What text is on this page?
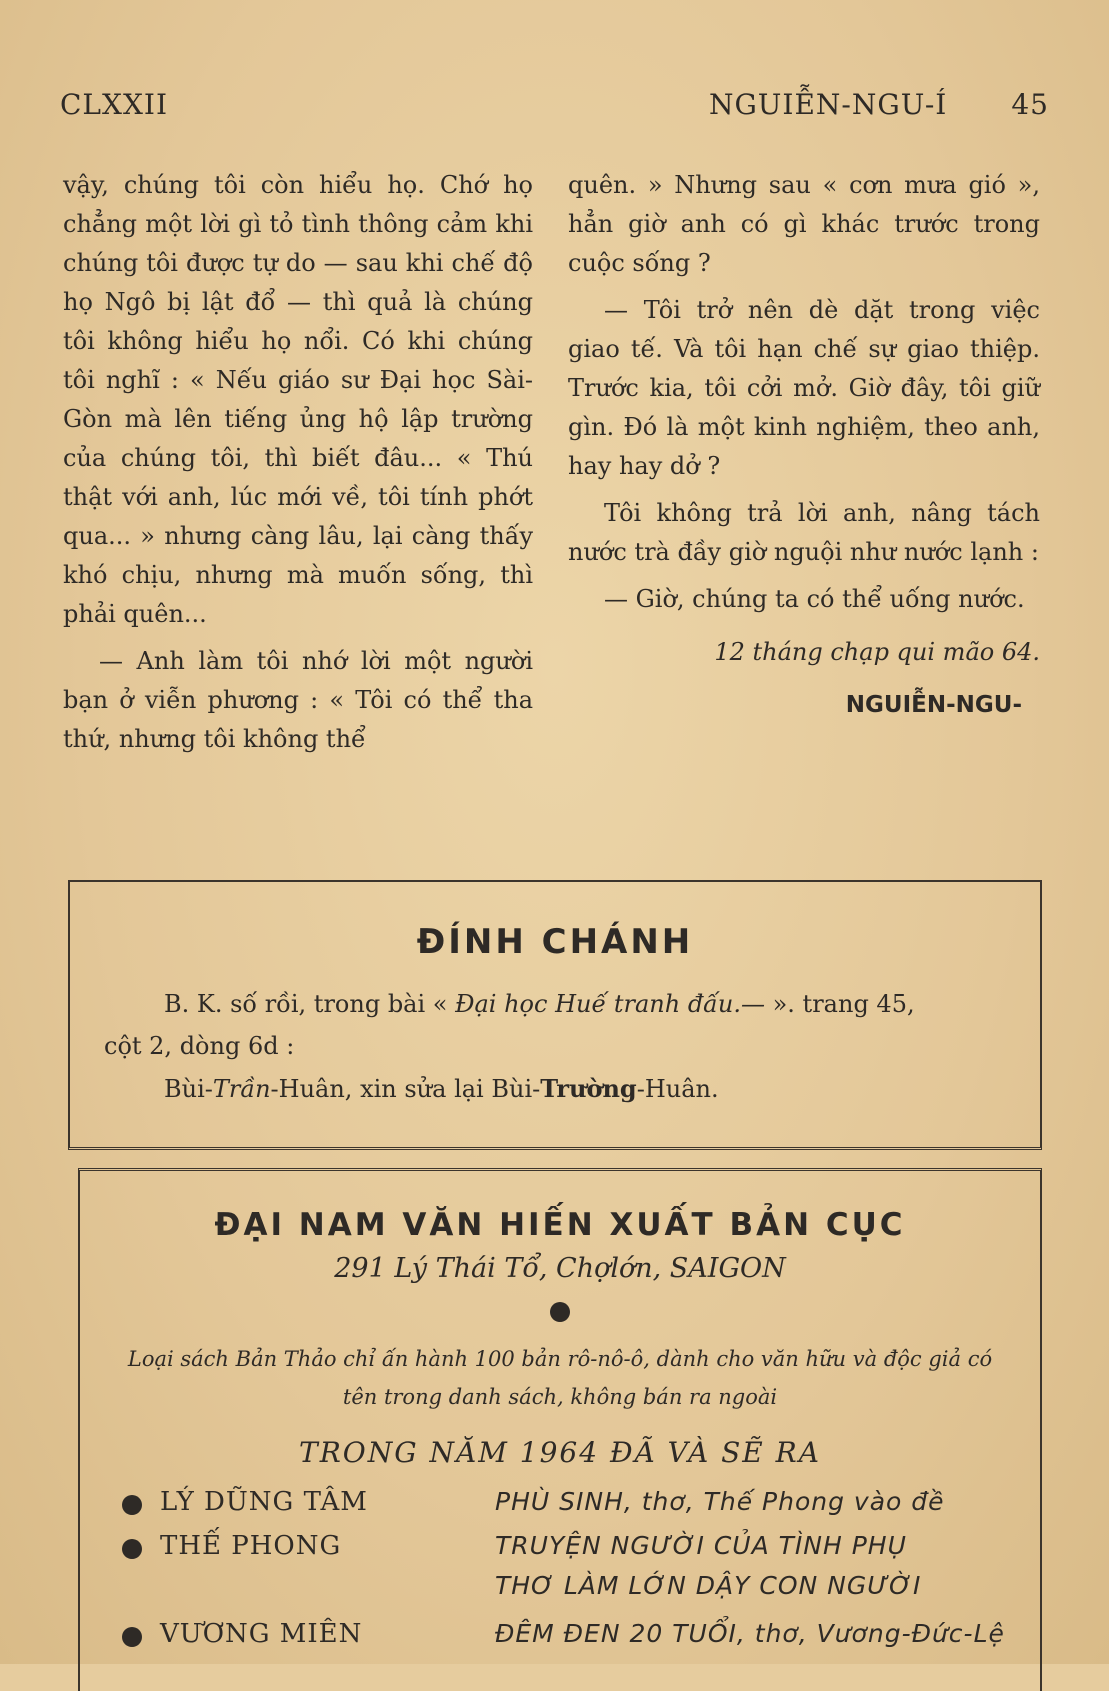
CLXXII	NGUIỄN-NGU-Í 45

vậy, chúng tôi còn hiểu họ. Chớ họ chẳng một lời gì tỏ tình thông cảm khi chúng tôi được tự do — sau khi chế độ họ Ngô bị lật đổ — thì quả là chúng tôi không hiểu họ nổi. Có khi chúng tôi nghĩ : « Nếu giáo sư Đại học Sài-Gòn mà lên tiếng ủng hộ lập trường của chúng tôi, thì biết đâu... « Thú thật với anh, lúc mới về, tôi tính phớt qua... » nhưng càng lâu, lại càng thấy khó chịu, nhưng mà muốn sống, thì phải quên...

— Anh làm tôi nhớ lời một người bạn ở viễn phương : « Tôi có thể tha thứ, nhưng tôi không thể

quên. » Nhưng sau « cơn mưa gió », hẳn giờ anh có gì khác trước trong cuộc sống ?

— Tôi trở nên dè dặt trong việc giao tế. Và tôi hạn chế sự giao thiệp. Trước kia, tôi cởi mở. Giờ đây, tôi giữ gìn. Đó là một kinh nghiệm, theo anh, hay hay dở ?

Tôi không trả lời anh, nâng tách nước trà đầy giờ nguội như nước lạnh :

— Giờ, chúng ta có thể uống nước.

12 tháng chạp qui mão 64.
NGUIỄN-NGU-
ĐÍNH CHÁNH
B. K. số rồi, trong bài « Đại học Huế tranh đấu.— ». trang 45,
cột 2, dòng 6d :
Bùi-Trần-Huân, xin sửa lại Bùi-Trường-Huân.
ĐẠI NAM VĂN HIẾN XUẤT BẢN CỤC
291 Lý Thái Tổ, Chợlớn, SAIGON
Loại sách Bản Thảo chỉ ấn hành 100 bản rô-nô-ô, dành cho văn hữu và độc giả có tên trong danh sách, không bán ra ngoài
TRONG NĂM 1964 ĐÃ VÀ SẼ RA
LÝ DŨNG TÂM	PHÙ SINH, thơ, Thế Phong vào đề
THẾ PHONG	TRUYỆN NGƯỜI CỦA TÌNH PHỤ
THƠ LÀM LỚN DẬY CON NGƯỜI
VƯƠNG MIÊN	ĐÊM ĐEN 20 TUỔI, thơ, Vương-Đức-Lệ
